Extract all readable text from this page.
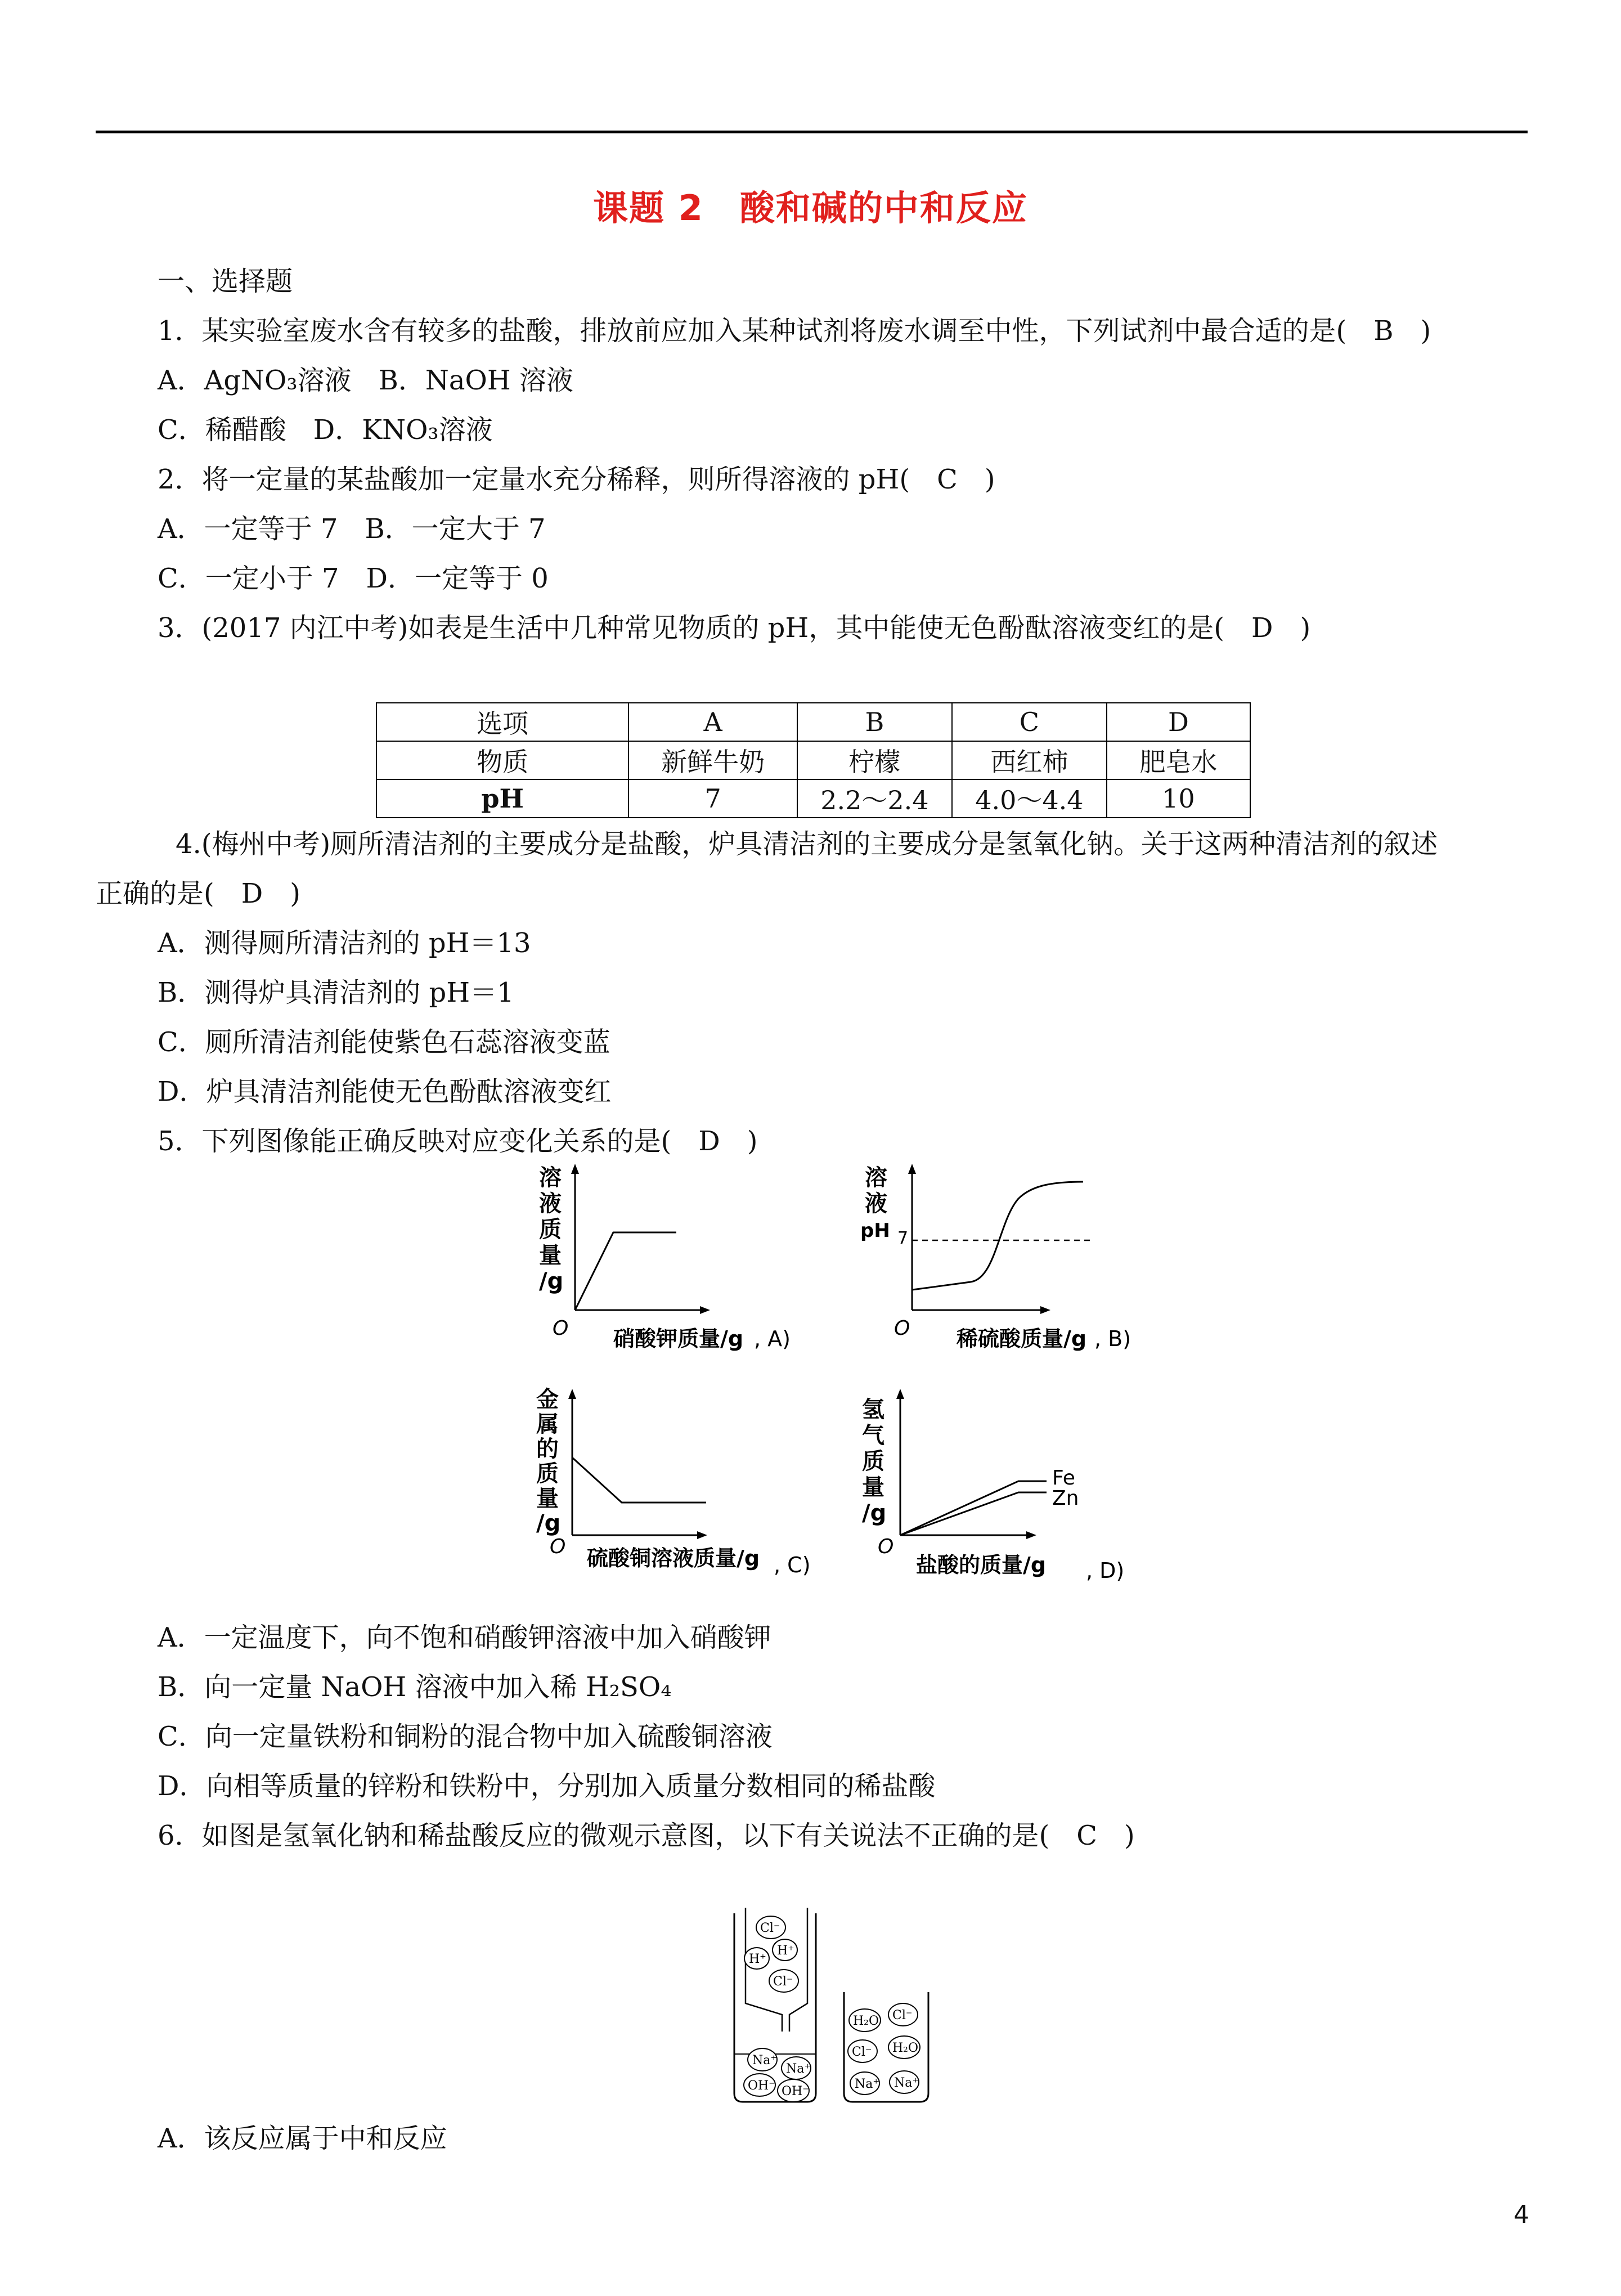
课题 2　酸和碱的中和反应
一、选择题
1．某实验室废水含有较多的盐酸，排放前应加入某种试剂将废水调至中性，下列试剂中最合适的是(　B　)
A．AgNO₃溶液　B．NaOH 溶液
C．稀醋酸　D．KNO₃溶液
2．将一定量的某盐酸加一定量水充分稀释，则所得溶液的 pH(　C　)
A．一定等于 7　B．一定大于 7
C．一定小于 7　D．一定等于 0
3．(2017 内江中考)如表是生活中几种常见物质的 pH，其中能使无色酚酞溶液变红的是(　D　)
选项	A	B	C	D
物质	新鲜牛奶	柠檬	西红柿	肥皂水
pH	7	2.2～2.4	4.0～4.4	10
4.(梅州中考)厕所清洁剂的主要成分是盐酸，炉具清洁剂的主要成分是氢氧化钠。关于这两种清洁剂的叙述
正确的是(　D　)
A．测得厕所清洁剂的 pH＝13
B．测得炉具清洁剂的 pH＝1
C．厕所清洁剂能使紫色石蕊溶液变蓝
D．炉具清洁剂能使无色酚酞溶液变红
5．下列图像能正确反映对应变化关系的是(　D　)
溶
液
质
量
/g
O 硝酸钾质量/g , A)
溶
液
pH 7
O 稀硫酸质量/g , B)
金
属
的
质
量
/g
O 硫酸铜溶液质量/g , C)
氢
气
质
量
/g
Fe
Zn
O
盐酸的质量/g , D)
A．一定温度下，向不饱和硝酸钾溶液中加入硝酸钾
B．向一定量 NaOH 溶液中加入稀 H₂SO₄
C．向一定量铁粉和铜粉的混合物中加入硫酸铜溶液
D．向相等质量的锌粉和铁粉中，分别加入质量分数相同的稀盐酸
6．如图是氢氧化钠和稀盐酸反应的微观示意图，以下有关说法不正确的是(　C　)
Cl⁻
H⁺
H⁺
Cl⁻
Na⁺
Na⁺
OH⁻ OH⁻
H₂O Cl⁻
Cl⁻ H₂O
Na⁺ Na⁺
A．该反应属于中和反应
4
